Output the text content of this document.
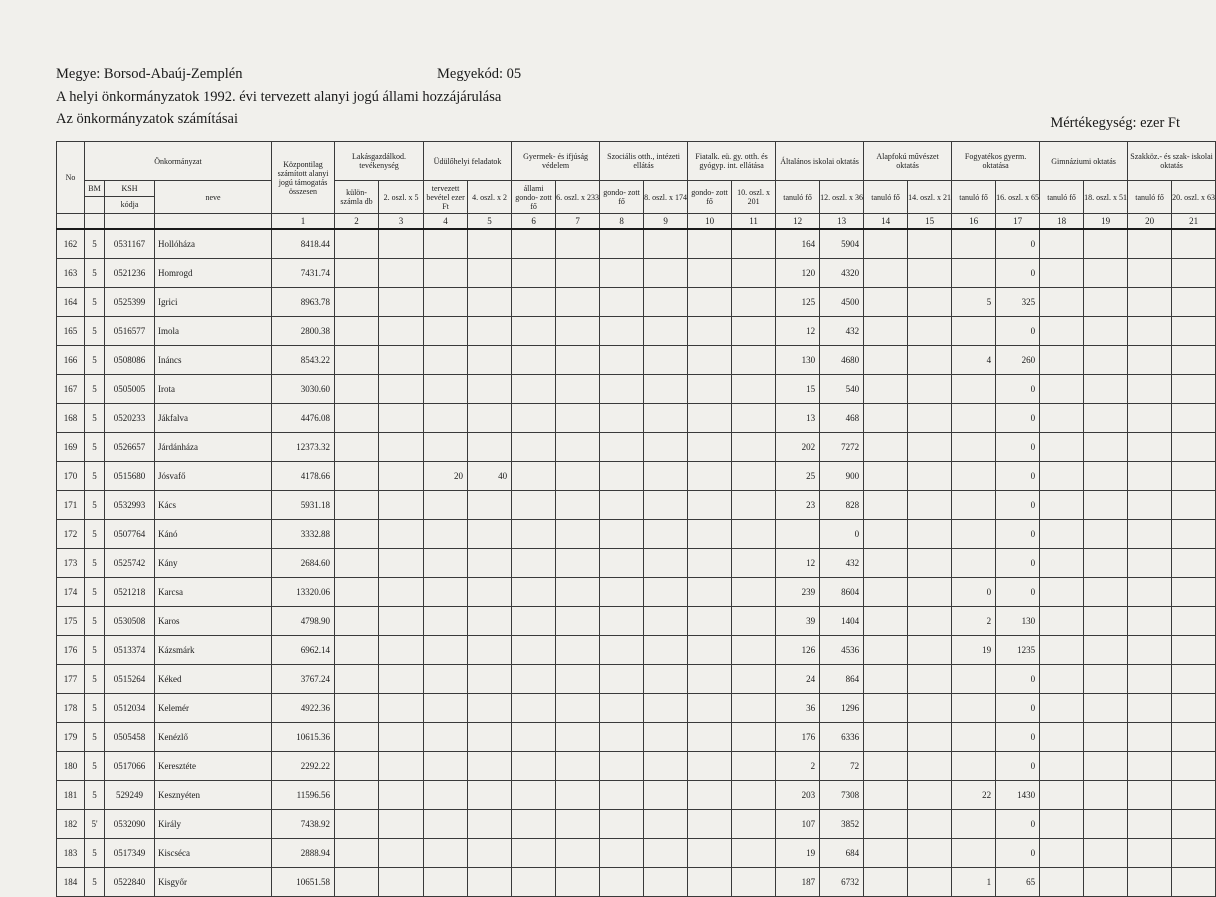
Megye: Borsod-Abaúj-Zemplén	Megyekód: 05
A helyi önkormányzatok 1992. évi tervezett alanyi jogú állami hozzájárulása
Az önkormányzatok számításai	Mértékegység: ezer Ft
No	Önkormányzat			Központilag számított alanyi jogú támogatás összesen	Lakásgazdálkod. tevékenység		Üdülőhelyi feladatok		Gyermek- és ifjúság védelem		Szociális otth., intézeti ellátás		Fiatalk. eü. gy. otth. és gyógyp. int. ellátása		Általános iskolai oktatás		Alapfokú művészet oktatás		Fogyatékos gyerm. oktatása		Gimnáziumi oktatás		Szakköz.- és szak- iskolai oktatás	

	BM	KSH
kódja	neve		külön- számla db	2. oszl. x 5	tervezett bevétel ezer Ft	4. oszl. x 2	állami gondo- zott fő	6. oszl. x 233	gondo- zott fő	8. oszl. x 174	gondo- zott fő	10. oszl. x 201	tanuló fő	12. oszl. x 36	tanuló fő	14. oszl. x 21	tanuló fő	16. oszl. x 65	tanuló fő	18. oszl. x 51	tanuló fő	20. oszl. x 63
				1	2	3	4	5	6	7	8	9	10	11	12	13	14	15	16	17	18	19	20	21
162	5	0531167	Hollóháza	8418.44											164	5904				0				
163	5	0521236	Homrogd	7431.74											120	4320				0				
164	5	0525399	Igrici	8963.78											125	4500			5	325				
165	5	0516577	Imola	2800.38											12	432				0				
166	5	0508086	Ináncs	8543.22											130	4680			4	260				
167	5	0505005	Irota	3030.60											15	540				0				
168	5	0520233	Jákfalva	4476.08											13	468				0				
169	5	0526657	Járdánháza	12373.32											202	7272				0				
170	5	0515680	Jósvafő	4178.66			20	40							25	900				0				
171	5	0532993	Kács	5931.18											23	828				0				
172	5	0507764	Kánó	3332.88												0				0				
173	5	0525742	Kány	2684.60											12	432				0				
174	5	0521218	Karcsa	13320.06											239	8604			0	0				
175	5	0530508	Karos	4798.90											39	1404			2	130				
176	5	0513374	Kázsmárk	6962.14											126	4536			19	1235				
177	5	0515264	Kéked	3767.24											24	864				0				
178	5	0512034	Kelemér	4922.36											36	1296				0				
179	5	0505458	Kenézlő	10615.36											176	6336				0				
180	5	0517066	Keresztéte	2292.22											2	72				0				
181	5	529249	Kesznyéten	11596.56											203	7308			22	1430				
182	5'	0532090	Király	7438.92											107	3852				0				
183	5	0517349	Kiscséca	2888.94											19	684				0				
184	5	0522840	Kisgyőr	10651.58											187	6732			1	65				
